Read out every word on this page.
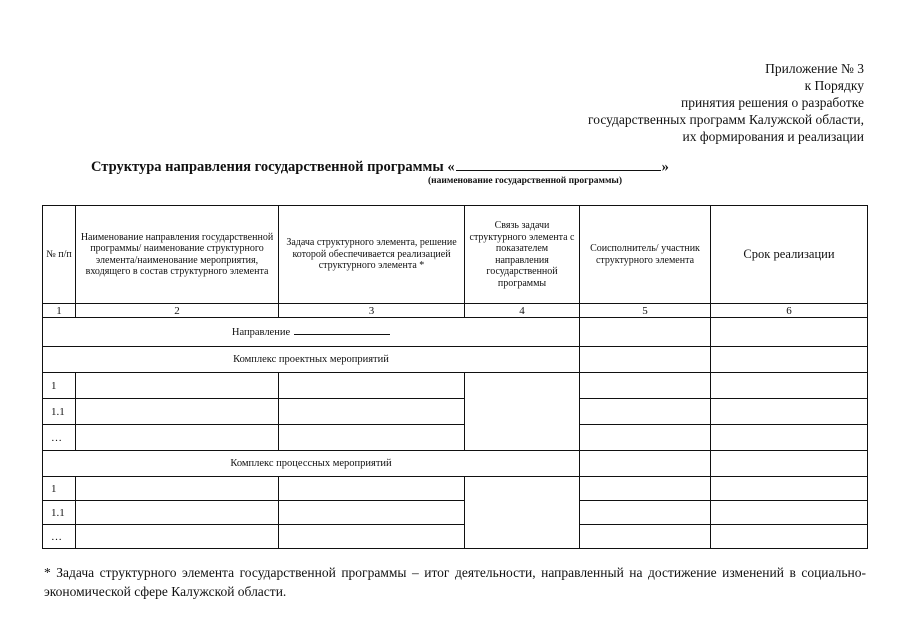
Приложение № 3
к Порядку
принятия решения о разработке
государственных программ Калужской области,
их формирования и реализации
Структура направления государственной программы «	»
(наименование государственной программы)
№ п/п	Наименование направления государственной программы/ наименование структурного элемента/наименование мероприятия, входящего в состав структурного элемента	Задача структурного элемента, решение которой обеспечивается реализацией структурного элемента *	Связь задачи структурного элемента с показателем направления государственной программы	Соисполнитель/ участник структурного элемента	Срок реализации
1	2	3	4	5	6
Направление					
Комплекс проектных мероприятий					
1					
1.1					
…					
Комплекс процессных мероприятий					
1					
1.1					
…					
* Задача структурного элемента государственной программы – итог деятельности, направленный на достижение изменений в социально-экономической сфере Калужской области.
